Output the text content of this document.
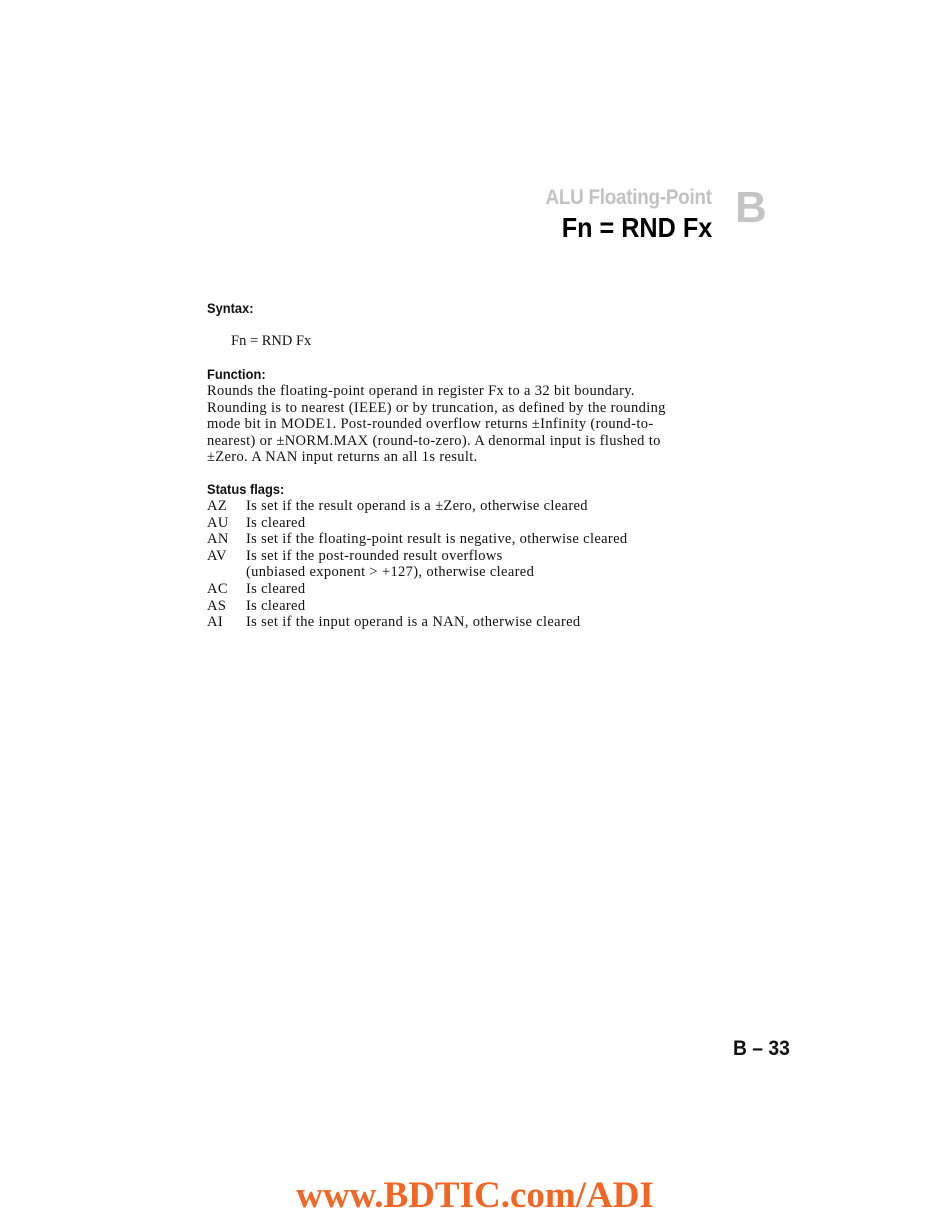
ALU Floating-Point
Fn = RND Fx B
Syntax:
Fn = RND Fx
Function:
Rounds the floating-point operand in register Fx to a 32 bit boundary.
Rounding is to nearest (IEEE) or by truncation, as defined by the rounding
mode bit in MODE1. Post-rounded overflow returns ±Infinity (round-to-
nearest) or ±NORM.MAX (round-to-zero). A denormal input is flushed to
±Zero. A NAN input returns an all 1s result.
Status flags:
AZ	Is set if the result operand is a ±Zero, otherwise cleared
AU	Is cleared
AN	Is set if the floating-point result is negative, otherwise cleared
AV	Is set if the post-rounded result overflows
(unbiased exponent > +127), otherwise cleared
AC	Is cleared
AS	Is cleared
AI	Is set if the input operand is a NAN, otherwise cleared
B – 33
www.BDTIC.com/ADI
